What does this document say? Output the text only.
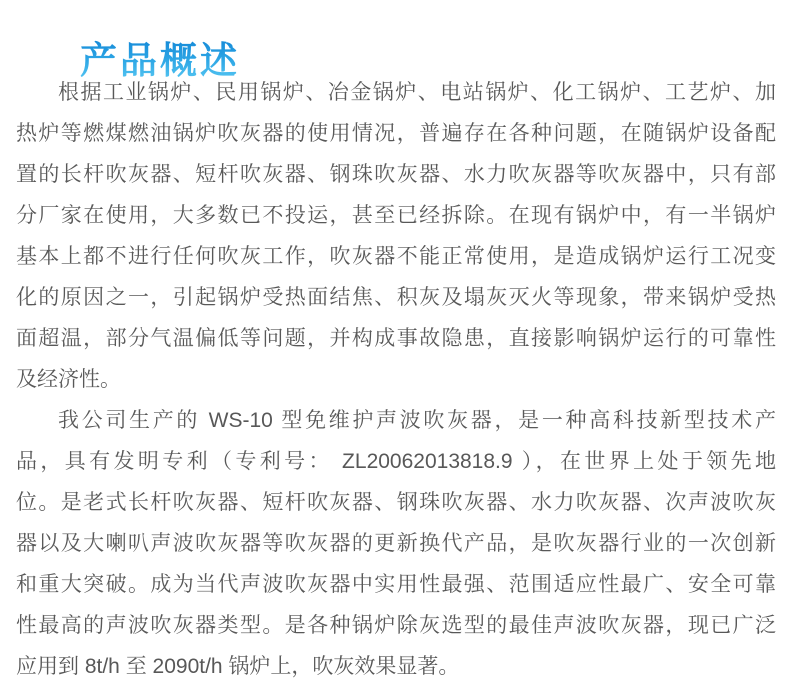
产品概述
根据工业锅炉、民用锅炉、冶金锅炉、电站锅炉、化工锅炉、工艺炉、加
热炉等燃煤燃油锅炉吹灰器的使用情况，普遍存在各种问题，在随锅炉设备配
置的长杆吹灰器、短杆吹灰器、钢珠吹灰器、水力吹灰器等吹灰器中，只有部
分厂家在使用，大多数已不投运，甚至已经拆除。在现有锅炉中，有一半锅炉
基本上都不进行任何吹灰工作，吹灰器不能正常使用，是造成锅炉运行工况变
化的原因之一，引起锅炉受热面结焦、积灰及塌灰灭火等现象，带来锅炉受热
面超温，部分气温偏低等问题，并构成事故隐患，直接影响锅炉运行的可靠性
及经济性。
我公司生产的 WS-10 型免维护声波吹灰器，是一种高科技新型技术产
品，具有发明专利（专利号： ZL20062013818.9 ），在世界上处于领先地
位。是老式长杆吹灰器、短杆吹灰器、钢珠吹灰器、水力吹灰器、次声波吹灰
器以及大喇叭声波吹灰器等吹灰器的更新换代产品，是吹灰器行业的一次创新
和重大突破。成为当代声波吹灰器中实用性最强、范围适应性最广、安全可靠
性最高的声波吹灰器类型。是各种锅炉除灰选型的最佳声波吹灰器，现已广泛
应用到 8t/h 至 2090t/h 锅炉上，吹灰效果显著。
